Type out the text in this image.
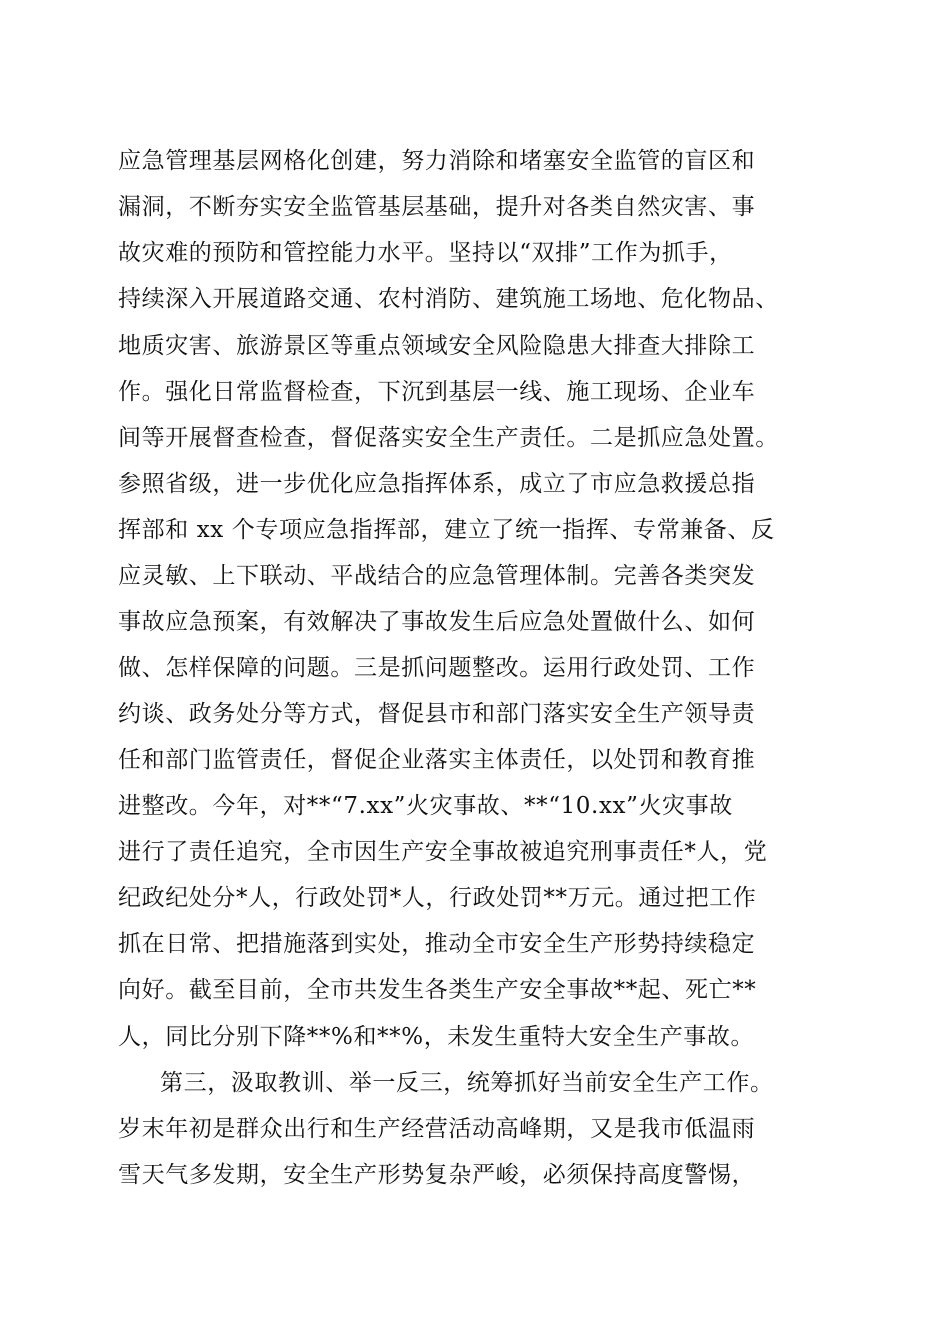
应急管理基层网格化创建，努力消除和堵塞安全监管的盲区和

漏洞，不断夯实安全监管基层基础，提升对各类自然灾害、事

故灾难的预防和管控能力水平。坚持以“双排”工作为抓手，

持续深入开展道路交通、农村消防、建筑施工场地、危化物品、

地质灾害、旅游景区等重点领域安全风险隐患大排查大排除工

作。强化日常监督检查，下沉到基层一线、施工现场、企业车

间等开展督查检查，督促落实安全生产责任。二是抓应急处置。

参照省级，进一步优化应急指挥体系，成立了市应急救援总指

挥部和 xx 个专项应急指挥部，建立了统一指挥、专常兼备、反

应灵敏、上下联动、平战结合的应急管理体制。完善各类突发

事故应急预案，有效解决了事故发生后应急处置做什么、如何

做、怎样保障的问题。三是抓问题整改。运用行政处罚、工作

约谈、政务处分等方式，督促县市和部门落实安全生产领导责

任和部门监管责任，督促企业落实主体责任，以处罚和教育推

进整改。今年，对**“7.xx”火灾事故、**“10.xx”火灾事故

进行了责任追究，全市因生产安全事故被追究刑事责任*人，党

纪政纪处分*人，行政处罚*人，行政处罚**万元。通过把工作

抓在日常、把措施落到实处，推动全市安全生产形势持续稳定

向好。截至目前，全市共发生各类生产安全事故**起、死亡**

人，同比分别下降**%和**%，未发生重特大安全生产事故。

第三，汲取教训、举一反三，统筹抓好当前安全生产工作。

岁末年初是群众出行和生产经营活动高峰期，又是我市低温雨

雪天气多发期，安全生产形势复杂严峻，必须保持高度警惕，
